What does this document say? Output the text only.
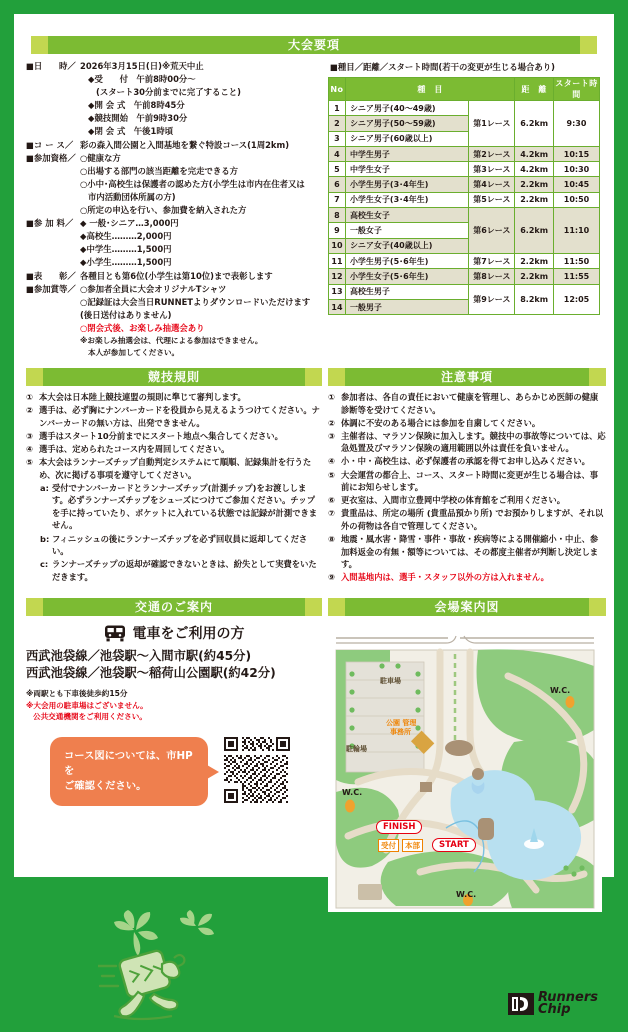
大会要項
■日　　時／ 2026年3月15日(日)※荒天中止
◆受　　付　午前8時00分〜
(スタート30分前までに完了すること)
◆開 会 式　午前8時45分
◆競技開始　午前9時30分
◆閉 会 式　午後1時頃
■コ ー ス／ 彩の森入間公園と入間基地を繋ぐ特設コース(1周2km)
■参加資格／ ○健康な方
○出場する部門の該当距離を完走できる方
○小中･高校生は保護者の認めた方(小学生は市内在住者又は
市内活動団体所属の方)
○所定の申込を行い、参加費を納入された方
■参 加 料／ ◆ 一般･シニア…3,000円
◆高校生………2,000円
◆中学生………1,500円
◆小学生………1,500円
■表　　彰／ 各種目とも第6位(小学生は第10位)まで表彰します
■参加賞等／ ○参加者全員に大会オリジナルTシャツ
○記録証は大会当日RUNNETよりダウンロードいただけます
(後日送付はありません)
○閉会式後、お楽しみ抽選会あり
※お楽しみ抽選会は、代理による参加はできません。
本人が参加してください。
■種目／距離／スタート時間(若干の変更が生じる場合あり)
No	種　目		距　離	スタート時間
1	シニア男子(40〜49歳)	第1レース	6.2km	9:30
2	シニア男子(50〜59歳)			
3	シニア男子(60歳以上)			
4	中学生男子	第2レース	4.2km	10:15
5	中学生女子	第3レース	4.2km	10:30
6	小学生男子(3･4年生)	第4レース	2.2km	10:45
7	小学生女子(3･4年生)	第5レース	2.2km	10:50
8	高校生女子	第6レース	6.2km	11:10
9	一般女子			
10	シニア女子(40歳以上)			
11	小学生男子(5･6年生)	第7レース	2.2km	11:50
12	小学生女子(5･6年生)	第8レース	2.2km	11:55
13	高校生男子	第9レース	8.2km	12:05
14	一般男子			
競技規則
① 本大会は日本陸上競技連盟の規則に準じて審判します。
② 選手は、必ず胸にナンバーカードを役員から見えるようつけてください。ナンバーカードの無い方は、出発できません。
③ 選手はスタート10分前までにスタート地点へ集合してください。
④ 選手は、定められたコース内を周回してください。
⑤ 本大会はランナーズチップ自動判定システムにて順順、記録集計を行うため、次に掲げる事項を遵守してください。
a: 受付でナンバーカードとランナーズチップ(計測チップ)をお渡しします。必ずランナーズチップをシューズにつけてご参加ください。チップを手に持っていたり、ポケットに入れている状態では記録が計測できません。
b: フィニッシュの後にランナーズチップを必ず回収員に返却してください。
c: ランナーズチップの返却が確認できないときは、紛失として実費をいただきます。
注意事項
① 参加者は、各自の責任において健康を管理し、あらかじめ医師の健康診断等を受けてください。
② 体調に不安のある場合には参加を自粛してください。
③ 主催者は、マラソン保険に加入します。競技中の事故等については、応急処置及びマラソン保険の適用範囲以外は責任を負いません。
④ 小・中・高校生は、必ず保護者の承認を得てお申し込みください。
⑤ 大会運営の都合上、コース、スタート時間に変更が生じる場合は、事前にお知らせします。
⑥ 更衣室は、入間市立豊岡中学校の体育館をご利用ください。
⑦ 貴重品は、所定の場所 (貴重品預かり所) でお預かりしますが、それ以外の荷物は各自で管理してください。
⑧ 地震・風水害・降雪・事件・事故・疾病等による開催縮小・中止、参加料返金の有無・額等については、その都度主催者が判断し決定します。
⑨ 入間基地内は、選手・スタッフ以外の方は入れません。
交通のご案内
電車をご利用の方
西武池袋線／池袋駅〜入間市駅(約45分)
西武池袋線／池袋駅〜稲荷山公園駅(約42分)
※両駅とも下車後徒歩約15分
※大会用の駐車場はございません。
公共交通機関をご利用ください。
コース図については、市HPを
ご確認ください。
会場案内図
駐車場
駐輪場
公園 管理
事務所
W.C.
W.C.
W.C.
FINISH
START
受付	本部
Runners
Chip
